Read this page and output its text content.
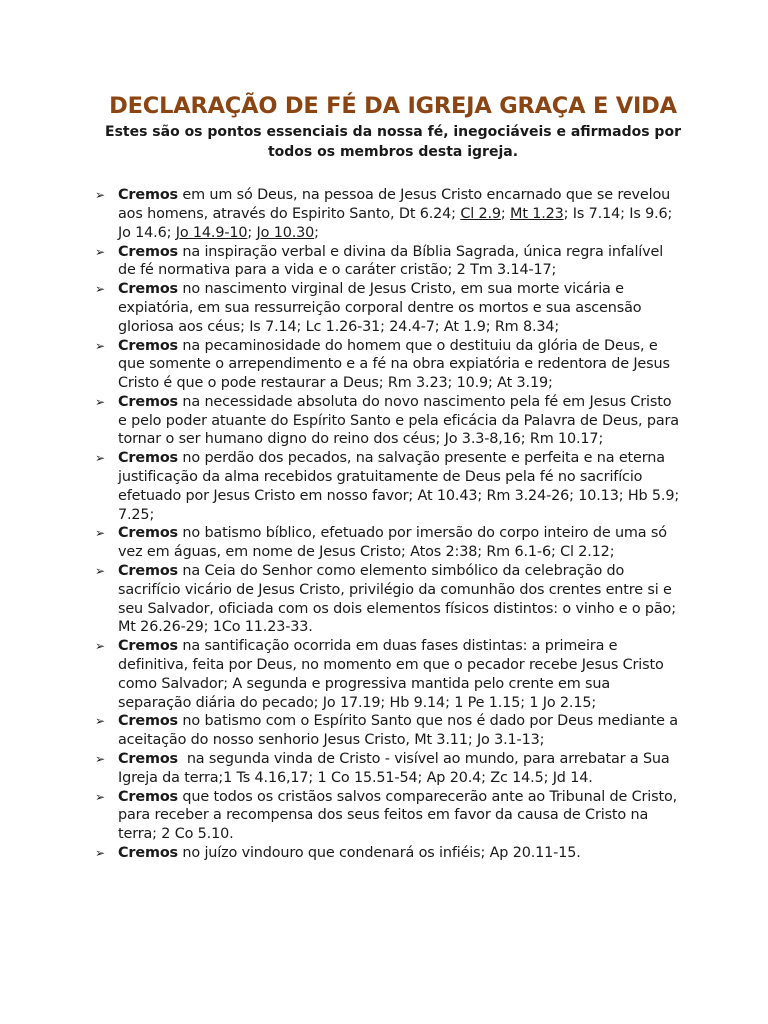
DECLARAÇÃO DE FÉ DA IGREJA GRAÇA E VIDA

Estes são os pontos essenciais da nossa fé, inegociáveis e afirmados por todos os membros desta igreja.

➢ Cremos em um só Deus, na pessoa de Jesus Cristo encarnado que se revelou aos homens, através do Espirito Santo, Dt 6.24; Cl 2.9; Mt 1.23; Is 7.14; Is 9.6; Jo 14.6; Jo 14.9-10; Jo 10.30;
➢ Cremos na inspiração verbal e divina da Bíblia Sagrada, única regra infalível de fé normativa para a vida e o caráter cristão; 2 Tm 3.14-17;
➢ Cremos no nascimento virginal de Jesus Cristo, em sua morte vicária e expiatória, em sua ressurreição corporal dentre os mortos e sua ascensão gloriosa aos céus; Is 7.14; Lc 1.26-31; 24.4-7; At 1.9; Rm 8.34;
➢ Cremos na pecaminosidade do homem que o destituiu da glória de Deus, e que somente o arrependimento e a fé na obra expiatória e redentora de Jesus Cristo é que o pode restaurar a Deus; Rm 3.23; 10.9; At 3.19;
➢ Cremos na necessidade absoluta do novo nascimento pela fé em Jesus Cristo e pelo poder atuante do Espírito Santo e pela eficácia da Palavra de Deus, para tornar o ser humano digno do reino dos céus; Jo 3.3-8,16; Rm 10.17;
➢ Cremos no perdão dos pecados, na salvação presente e perfeita e na eterna justificação da alma recebidos gratuitamente de Deus pela fé no sacrifício efetuado por Jesus Cristo em nosso favor; At 10.43; Rm 3.24-26; 10.13; Hb 5.9; 7.25;
➢ Cremos no batismo bíblico, efetuado por imersão do corpo inteiro de uma só vez em águas, em nome de Jesus Cristo; Atos 2:38; Rm 6.1-6; Cl 2.12;
➢ Cremos na Ceia do Senhor como elemento simbólico da celebração do sacrifício vicário de Jesus Cristo, privilégio da comunhão dos crentes entre si e seu Salvador, oficiada com os dois elementos físicos distintos: o vinho e o pão; Mt 26.26-29; 1Co 11.23-33.
➢ Cremos na santificação ocorrida em duas fases distintas: a primeira e definitiva, feita por Deus, no momento em que o pecador recebe Jesus Cristo como Salvador; A segunda e progressiva mantida pelo crente em sua separação diária do pecado; Jo 17.19; Hb 9.14; 1 Pe 1.15; 1 Jo 2.15;
➢ Cremos no batismo com o Espírito Santo que nos é dado por Deus mediante a aceitação do nosso senhorio Jesus Cristo, Mt 3.11; Jo 3.1-13;
➢ Cremos  na segunda vinda de Cristo - visível ao mundo, para arrebatar a Sua Igreja da terra;1 Ts 4.16,17; 1 Co 15.51-54; Ap 20.4; Zc 14.5; Jd 14.
➢ Cremos que todos os cristãos salvos comparecerão ante ao Tribunal de Cristo, para receber a recompensa dos seus feitos em favor da causa de Cristo na terra; 2 Co 5.10.
➢ Cremos no juízo vindouro que condenará os infiéis; Ap 20.11-15.
